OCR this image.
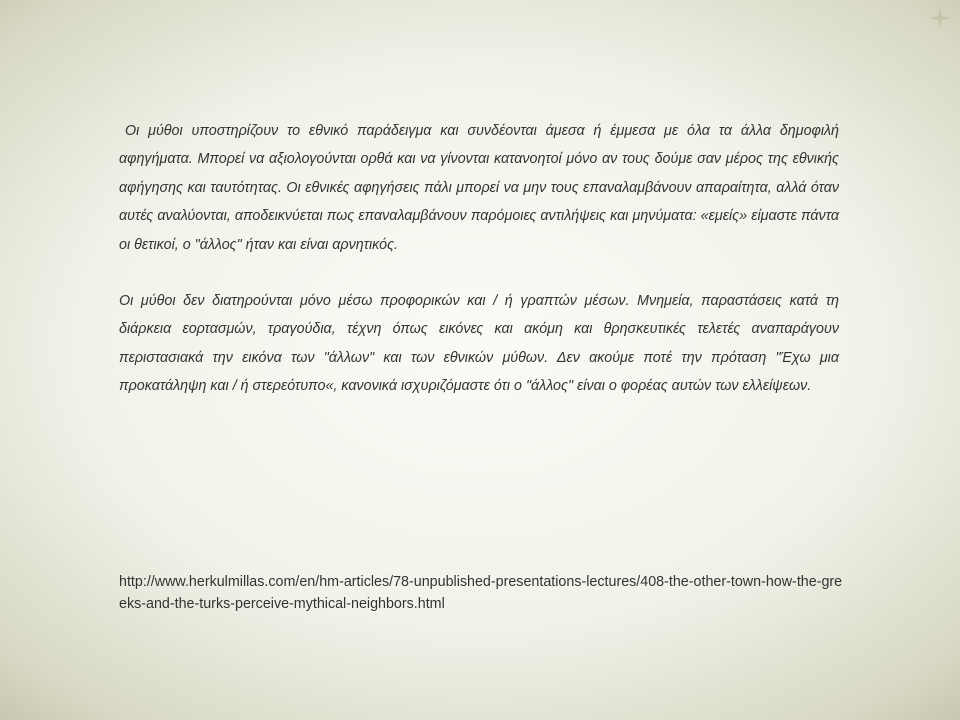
Οι μύθοι υποστηρίζουν το εθνικό παράδειγμα και συνδέονται άμεσα ή έμμεσα με όλα τα άλλα δημοφιλή αφηγήματα. Μπορεί να αξιολογούνται ορθά και να γίνονται κατανοητοί μόνο αν τους δούμε σαν μέρος της εθνικής αφήγησης και ταυτότητας. Οι εθνικές αφηγήσεις πάλι μπορεί να μην τους επαναλαμβάνουν απαραίτητα, αλλά όταν αυτές αναλύονται, αποδεικνύεται πως επαναλαμβάνουν παρόμοιες αντιλήψεις και μηνύματα: «εμείς» είμαστε πάντα οι θετικοί, ο "άλλος" ήταν και είναι αρνητικός.

Οι μύθοι δεν διατηρούνται μόνο μέσω προφορικών και / ή γραπτών μέσων. Μνημεία, παραστάσεις κατά τη διάρκεια εορτασμών, τραγούδια, τέχνη όπως εικόνες και ακόμη και θρησκευτικές τελετές αναπαράγουν περιστασιακά την εικόνα των "άλλων" και των εθνικών μύθων. Δεν ακούμε ποτέ την πρόταση "Έχω μια προκατάληψη και / ή στερεότυπο«, κανονικά ισχυριζόμαστε ότι ο "άλλος" είναι ο φορέας αυτών των ελλείψεων.

http://www.herkulmillas.com/en/hm-articles/78-unpublished-presentations-lectures/408-the-other-town-how-the-greeks-and-the-turks-perceive-mythical-neighbors.html
